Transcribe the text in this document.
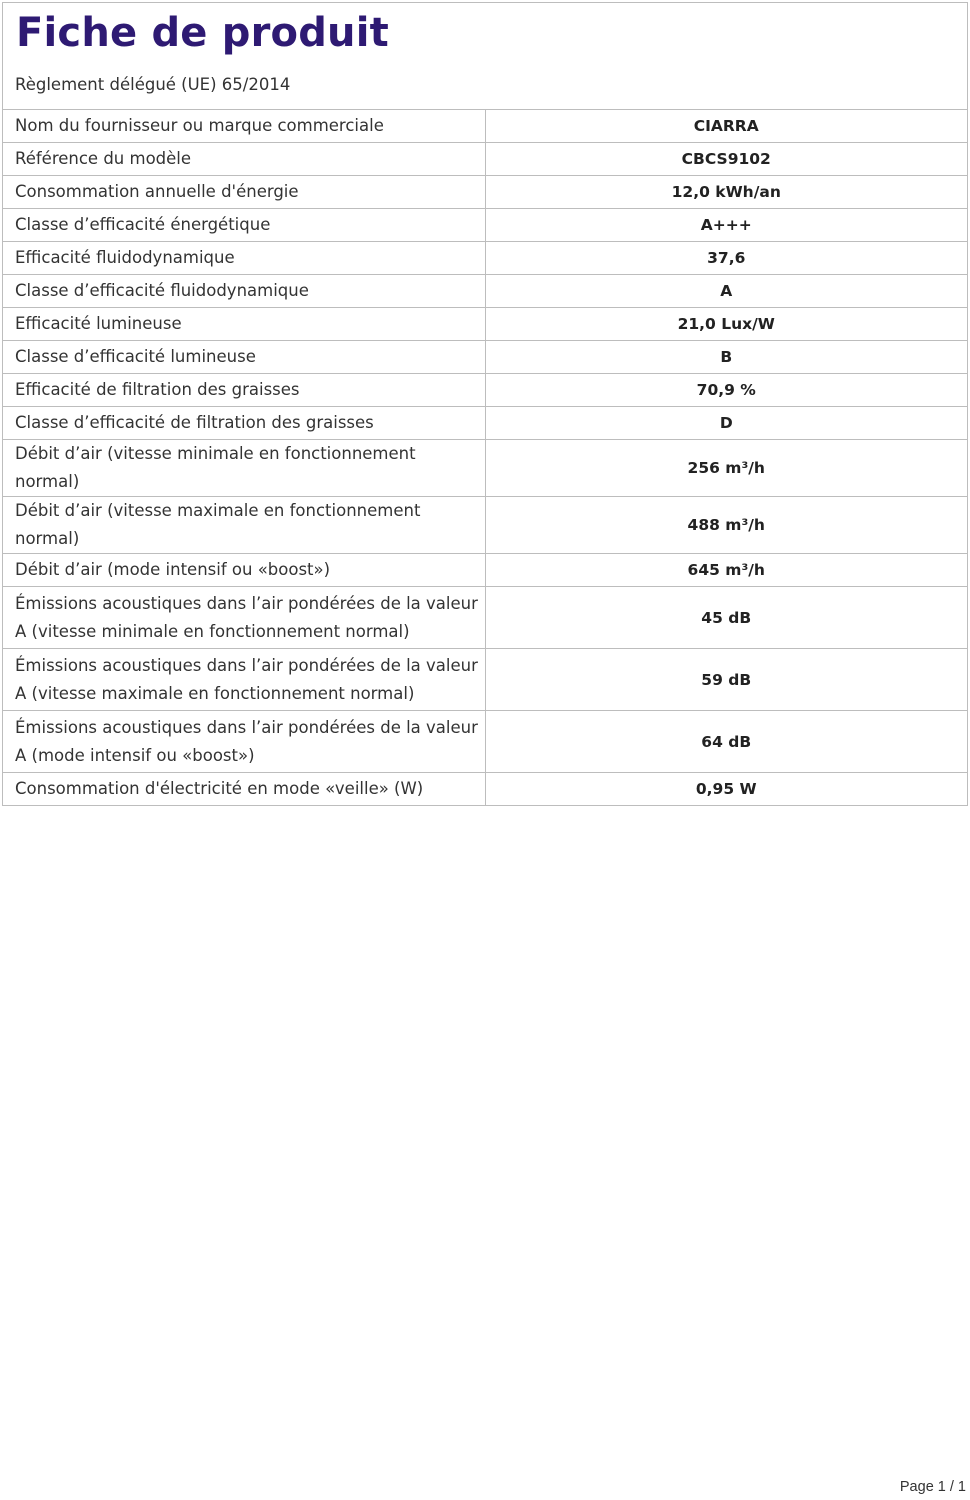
Fiche de produit
Règlement délégué (UE) 65/2014
Nom du fournisseur ou marque commerciale	CIARRA
Référence du modèle	CBCS9102
Consommation annuelle d'énergie	12,0 kWh/an
Classe d’efficacité énergétique	A+++
Efficacité fluidodynamique	37,6
Classe d’efficacité fluidodynamique	A
Efficacité lumineuse	21,0 Lux/W
Classe d’efficacité lumineuse	B
Efficacité de filtration des graisses	70,9 %
Classe d’efficacité de filtration des graisses	D
Débit d’air (vitesse minimale en fonctionnement normal)	256 m³/h
Débit d’air (vitesse maximale en fonctionnement normal)	488 m³/h
Débit d’air (mode intensif ou «boost»)	645 m³/h
Émissions acoustiques dans l’air pondérées de la valeur A (vitesse minimale en fonctionnement normal)	45 dB
Émissions acoustiques dans l’air pondérées de la valeur A (vitesse maximale en fonctionnement normal)	59 dB
Émissions acoustiques dans l’air pondérées de la valeur A (mode intensif ou «boost»)	64 dB
Consommation d'électricité en mode «veille» (W)	0,95 W
Page 1 / 1
